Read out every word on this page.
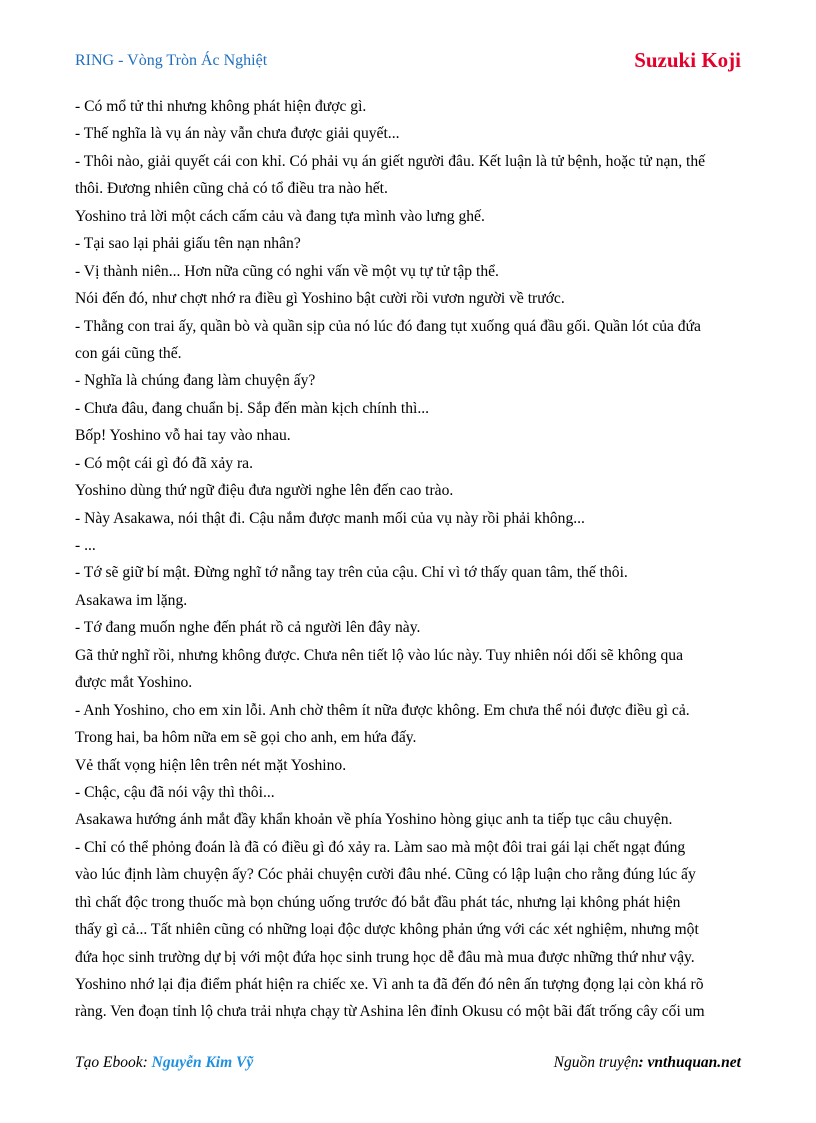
RING - Vòng Tròn Ác Nghiệt	Suzuki Koji
- Có mổ tử thi nhưng không phát hiện được gì.
- Thế nghĩa là vụ án này vẫn chưa được giải quyết...
- Thôi nào, giải quyết cái con khỉ. Có phải vụ án giết người đâu. Kết luận là tử bệnh, hoặc tử nạn, thế
thôi. Đương nhiên cũng chả có tổ điều tra nào hết.
Yoshino trả lời một cách cấm cảu và đang tựa mình vào lưng ghế.
- Tại sao lại phải giấu tên nạn nhân?
- Vị thành niên... Hơn nữa cũng có nghi vấn về một vụ tự tử tập thể.
Nói đến đó, như chợt nhớ ra điều gì Yoshino bật cười rồi vươn người về trước.
- Thằng con trai ấy, quần bò và quần sịp của nó lúc đó đang tụt xuống quá đầu gối. Quần lót của đứa
con gái cũng thế.
- Nghĩa là chúng đang làm chuyện ấy?
- Chưa đâu, đang chuẩn bị. Sắp đến màn kịch chính thì...
Bốp! Yoshino vỗ hai tay vào nhau.
- Có một cái gì đó đã xảy ra.
Yoshino dùng thứ ngữ điệu đưa người nghe lên đến cao trào.
- Này Asakawa, nói thật đi. Cậu nắm được manh mối của vụ này rồi phải không...
- ...
- Tớ sẽ giữ bí mật. Đừng nghĩ tớ nẫng tay trên của cậu. Chỉ vì tớ thấy quan tâm, thế thôi.
Asakawa im lặng.
- Tớ đang muốn nghe đến phát rồ cả người lên đây này.
Gã thử nghĩ rồi, nhưng không được. Chưa nên tiết lộ vào lúc này. Tuy nhiên nói dối sẽ không qua
được mắt Yoshino.
- Anh Yoshino, cho em xin lỗi. Anh chờ thêm ít nữa được không. Em chưa thể nói được điều gì cả.
Trong hai, ba hôm nữa em sẽ gọi cho anh, em hứa đấy.
Vẻ thất vọng hiện lên trên nét mặt Yoshino.
- Chậc, cậu đã nói vậy thì thôi...
Asakawa hướng ánh mắt đầy khẩn khoản về phía Yoshino hòng giục anh ta tiếp tục câu chuyện.
- Chỉ có thể phỏng đoán là đã có điều gì đó xảy ra. Làm sao mà một đôi trai gái lại chết ngạt đúng
vào lúc định làm chuyện ấy? Cóc phải chuyện cười đâu nhé. Cũng có lập luận cho rằng đúng lúc ấy
thì chất độc trong thuốc mà bọn chúng uống trước đó bắt đầu phát tác, nhưng lại không phát hiện
thấy gì cả... Tất nhiên cũng có những loại độc dược không phản ứng với các xét nghiệm, nhưng một
đứa học sinh trường dự bị với một đứa học sinh trung học dễ đâu mà mua được những thứ như vậy.
Yoshino nhớ lại địa điểm phát hiện ra chiếc xe. Vì anh ta đã đến đó nên ấn tượng đọng lại còn khá rõ
ràng. Ven đoạn tỉnh lộ chưa trải nhựa chạy từ Ashina lên đỉnh Okusu có một bãi đất trống cây cối um
Tạo Ebook: Nguyễn Kim Vỹ	Nguồn truyện: vnthuquan.net
